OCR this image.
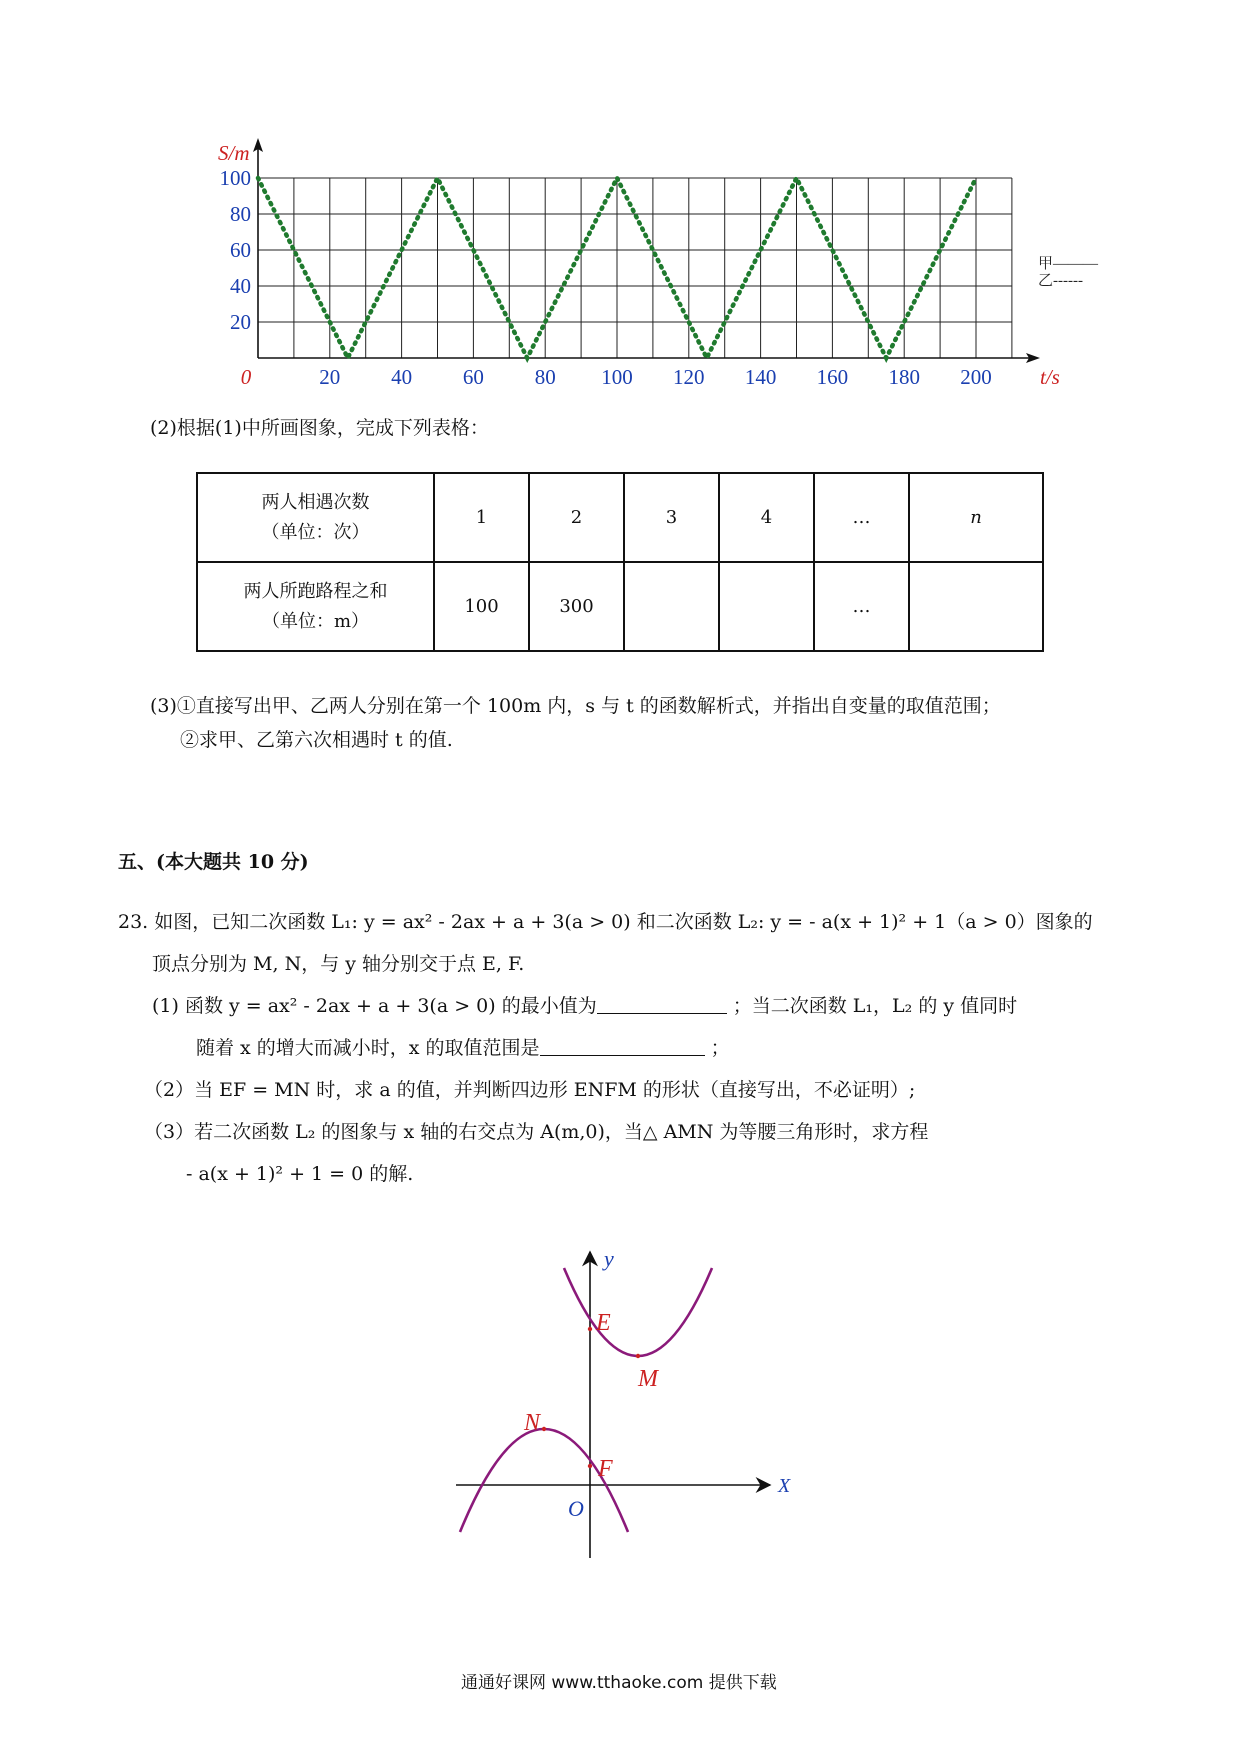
20 40 60 80 100 120 140 160 180 200
20
40
60
80
100
0
S/m
t/s
甲———
乙------
(2)根据(1)中所画图象，完成下列表格：
两人相遇次数
（单位：次）	1	2	3	4	…	n

两人所跑路程之和
（单位：m）	100	300			…	
(3)①直接写出甲、乙两人分别在第一个 100m 内，s 与 t 的函数解析式，并指出自变量的取值范围；
②求甲、乙第六次相遇时 t 的值.
五、(本大题共 10 分)
23. 如图，已知二次函数 L₁: y = ax² - 2ax + a + 3(a > 0) 和二次函数 L₂: y = - a(x + 1)² + 1（a > 0）图象的
顶点分别为 M, N，与 y 轴分别交于点 E, F.
(1) 函数 y = ax² - 2ax + a + 3(a > 0) 的最小值为	；当二次函数 L₁，L₂ 的 y 值同时
随着 x 的增大而减小时，x 的取值范围是	；
（2）当 EF = MN 时，求 a 的值，并判断四边形 ENFM 的形状（直接写出，不必证明）;
（3）若二次函数 L₂ 的图象与 x 轴的右交点为 A(m,0)，当△ AMN 为等腰三角形时，求方程
- a(x + 1)² + 1 = 0 的解.
y
X
O
E
M
N
F
通通好课网 www.tthaoke.com 提供下载
